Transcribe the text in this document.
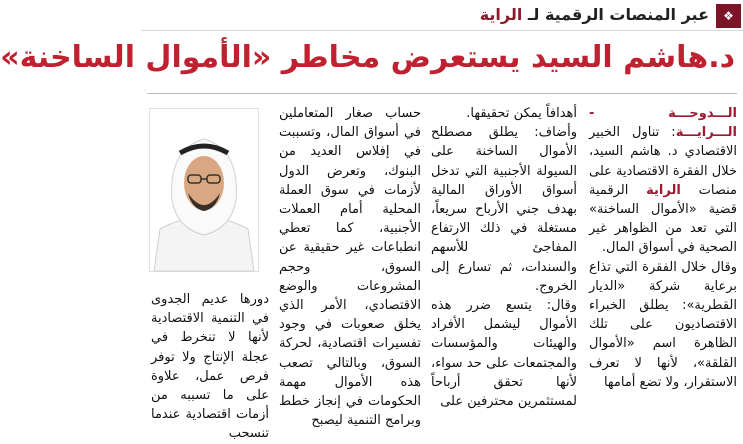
❖
عبر المنصات الرقمية لـ الراية
د.هاشم السيد يستعرض مخاطر «الأموال الساخنة»

الـــدوحـــة - الـــرايـــة: تناول الخبير الاقتصادي د. هاشم السيد، خلال الفقرة الاقتصادية على منصات الراية الرقمية قضية «الأموال الساخنة» التي تعد من الظواهر غير الصحية في أسواق المال.

وقال خلال الفقرة التي تذاع برعاية شركة «الديار القطرية»: يطلق الخبراء الاقتصاديون على تلك الظاهرة اسم «الأموال القلقة»، لأنها لا تعرف الاستقرار، ولا تضع أمامها

أهدافاً يمكن تحقيقها.

وأضاف: يطلق مصطلح الأموال الساخنة على السيولة الأجنبية التي تدخل أسواق الأوراق المالية بهدف جني الأرباح سريعاً، مستغلة في ذلك الارتفاع المفاجئ للأسهم والسندات، ثم تسارع إلى الخروج.

وقال: يتسع ضرر هذه الأموال ليشمل الأفراد والهيئات والمؤسسات والمجتمعات على حد سواء، لأنها تحقق أرباحاً لمستثمرين محترفين على

حساب صغار المتعاملين في أسواق المال، وتسببت في إفلاس العديد من البنوك، وتعرض الدول لأزمات في سوق العملة المحلية أمام العملات الأجنبية، كما تعطي انطباعات غير حقيقية عن السوق، وحجم المشروعات والوضع الاقتصادي، الأمر الذي يخلق صعوبات في وجود تفسيرات اقتصادية، لحركة السوق، وبالتالي تصعب هذه الأموال مهمة الحكومات في إنجاز خطط وبرامج التنمية ليصبح

دورها عديم الجدوى في التنمية الاقتصادية لأنها لا تنخرط في عجلة الإنتاج ولا توفر فرص عمل، علاوة على ما تسببه من أزمات اقتصادية عندما تنسحب
